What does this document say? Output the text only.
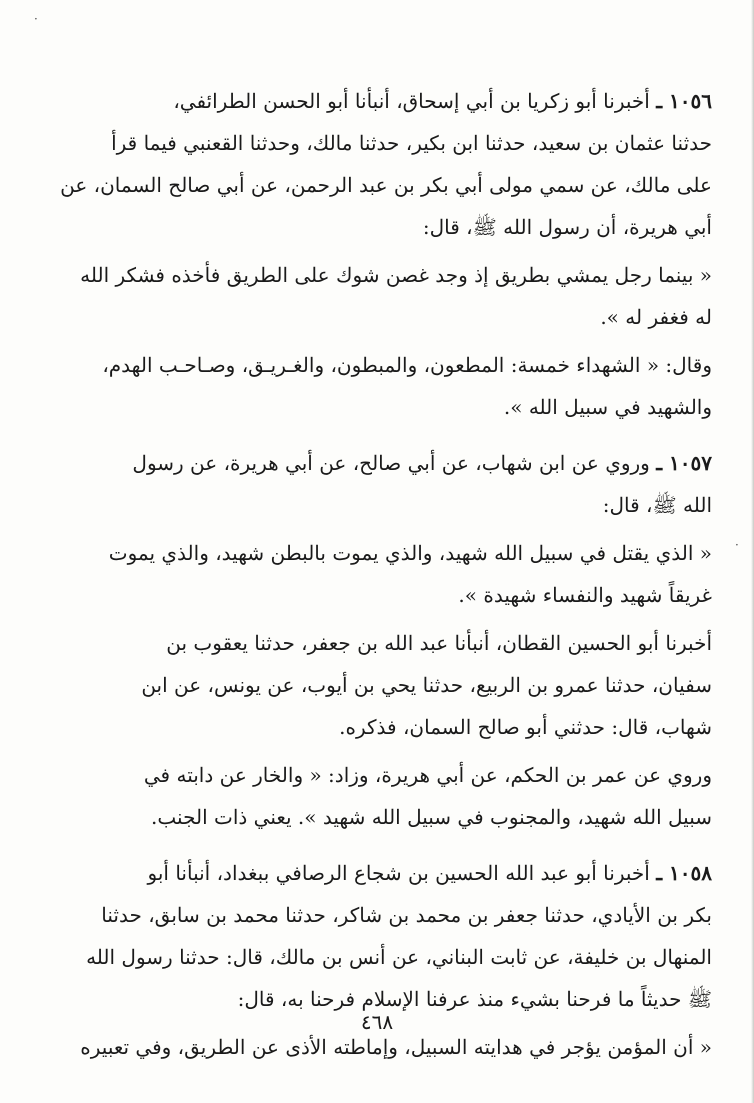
·
·

١٠٥٦ ـ أخبرنا أبو زكريا بن أبي إسحاق، أنبأنا أبو الحسن الطرائفي،
حدثنا عثمان بن سعيد، حدثنا ابن بكير، حدثنا مالك، وحدثنا القعنبي فيما قرأ
على مالك، عن سمي مولى أبي بكر بن عبد الرحمن، عن أبي صالح السمان، عن
أبي هريرة، أن رسول الله ﷺ، قال:

« بينما رجل يمشي بطريق إذ وجد غصن شوك على الطريق فأخذه فشكر الله
له فغفر له ».

وقال: « الشهداء خمسة: المطعون، والمبطون، والغـريـق، وصـاحـب الهدم،
والشهيد في سبيل الله ».

١٠٥٧ ـ وروي عن ابن شهاب، عن أبي صالح، عن أبي هريرة، عن رسول
الله ﷺ، قال:

« الذي يقتل في سبيل الله شهيد، والذي يموت بالبطن شهيد، والذي يموت
غريقاً شهيد والنفساء شهيدة ».

أخبرنا أبو الحسين القطان، أنبأنا عبد الله بن جعفر، حدثنا يعقوب بن
سفيان، حدثنا عمرو بن الربيع، حدثنا يحي بن أيوب، عن يونس، عن ابن
شهاب، قال: حدثني أبو صالح السمان، فذكره.

وروي عن عمر بن الحكم، عن أبي هريرة، وزاد: « والخار عن دابته في
سبيل الله شهيد، والمجنوب في سبيل الله شهيد ». يعني ذات الجنب.

١٠٥٨ ـ أخبرنا أبو عبد الله الحسين بن شجاع الرصافي ببغداد، أنبأنا أبو
بكر بن الأيادي، حدثنا جعفر بن محمد بن شاكر، حدثنا محمد بن سابق، حدثنا
المنهال بن خليفة، عن ثابت البناني، عن أنس بن مالك، قال: حدثنا رسول الله
ﷺ حديثاً ما فرحنا بشيء منذ عرفنا الإسلام فرحنا به، قال:

« أن المؤمن يؤجر في هدايته السبيل، وإماطته الأذى عن الطريق، وفي تعبيره

٤٦٨
